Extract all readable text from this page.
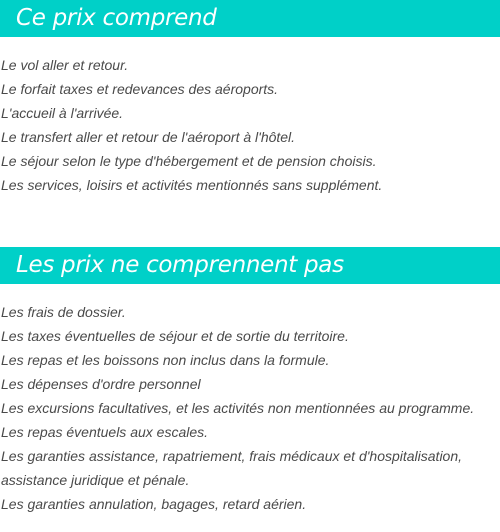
Ce prix comprend
Le vol aller et retour.
Le forfait taxes et redevances des aéroports.
L'accueil à l'arrivée.
Le transfert aller et retour de l'aéroport à l'hôtel.
Le séjour selon le type d'hébergement et de pension choisis.
Les services, loisirs et activités mentionnés sans supplément.
Les prix ne comprennent pas
Les frais de dossier.
Les taxes éventuelles de séjour et de sortie du territoire.
Les repas et les boissons non inclus dans la formule.
Les dépenses d'ordre personnel
Les excursions facultatives, et les activités non mentionnées au programme.
Les repas éventuels aux escales.
Les garanties assistance, rapatriement, frais médicaux et d'hospitalisation, assistance juridique et pénale.
Les garanties annulation, bagages, retard aérien.
